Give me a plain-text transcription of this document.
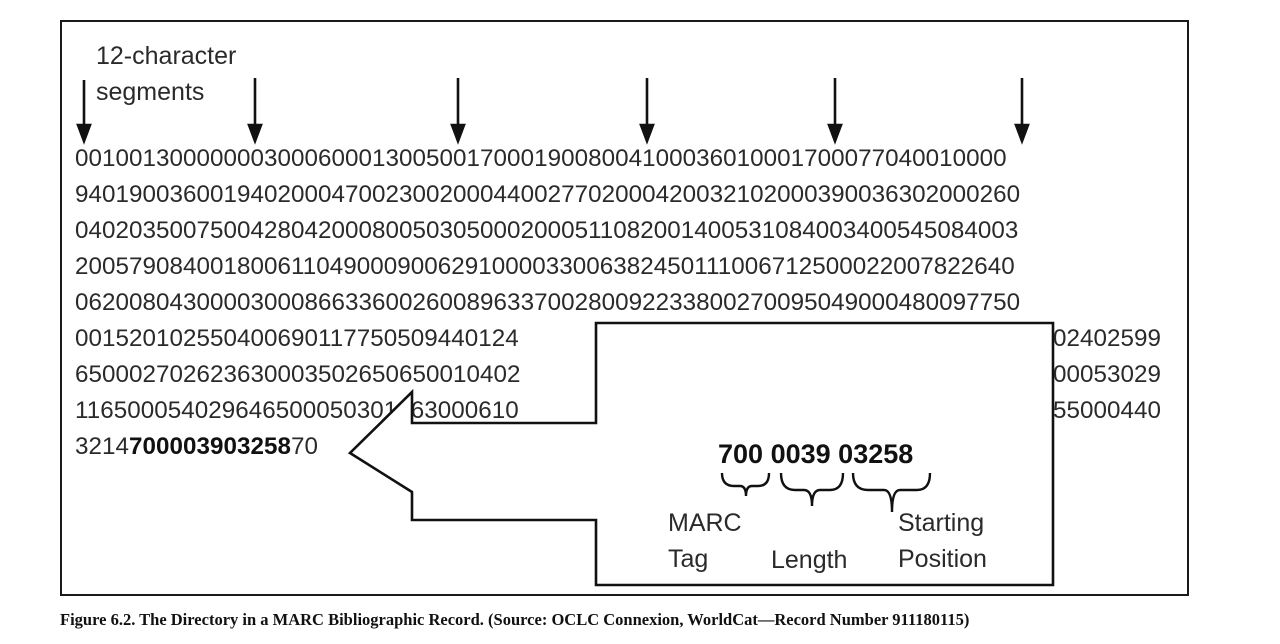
12-character
segments
001001300000003000600013005001700019008004100036010001700077040010000
9401900360019402000470023002000440027702000420032102000390036302000260
0402035007500428042000800503050002000511082001400531084003400545084003
2005790840018006110490009006291000033006382450111006712500022007822640
0620080430000300086633600260089633700280092233800270095049000480097750
001520102550400690117750509440124
650002702623630003502650650010402
116500054029646500050301863000610
321470000390325870
02402599
00053029
55000440
700 0039 03258
MARC
Tag	Length
Starting
Position
Figure 6.2. The Directory in a MARC Bibliographic Record. (Source: OCLC Connexion, WorldCat—Record Number 911180115)
